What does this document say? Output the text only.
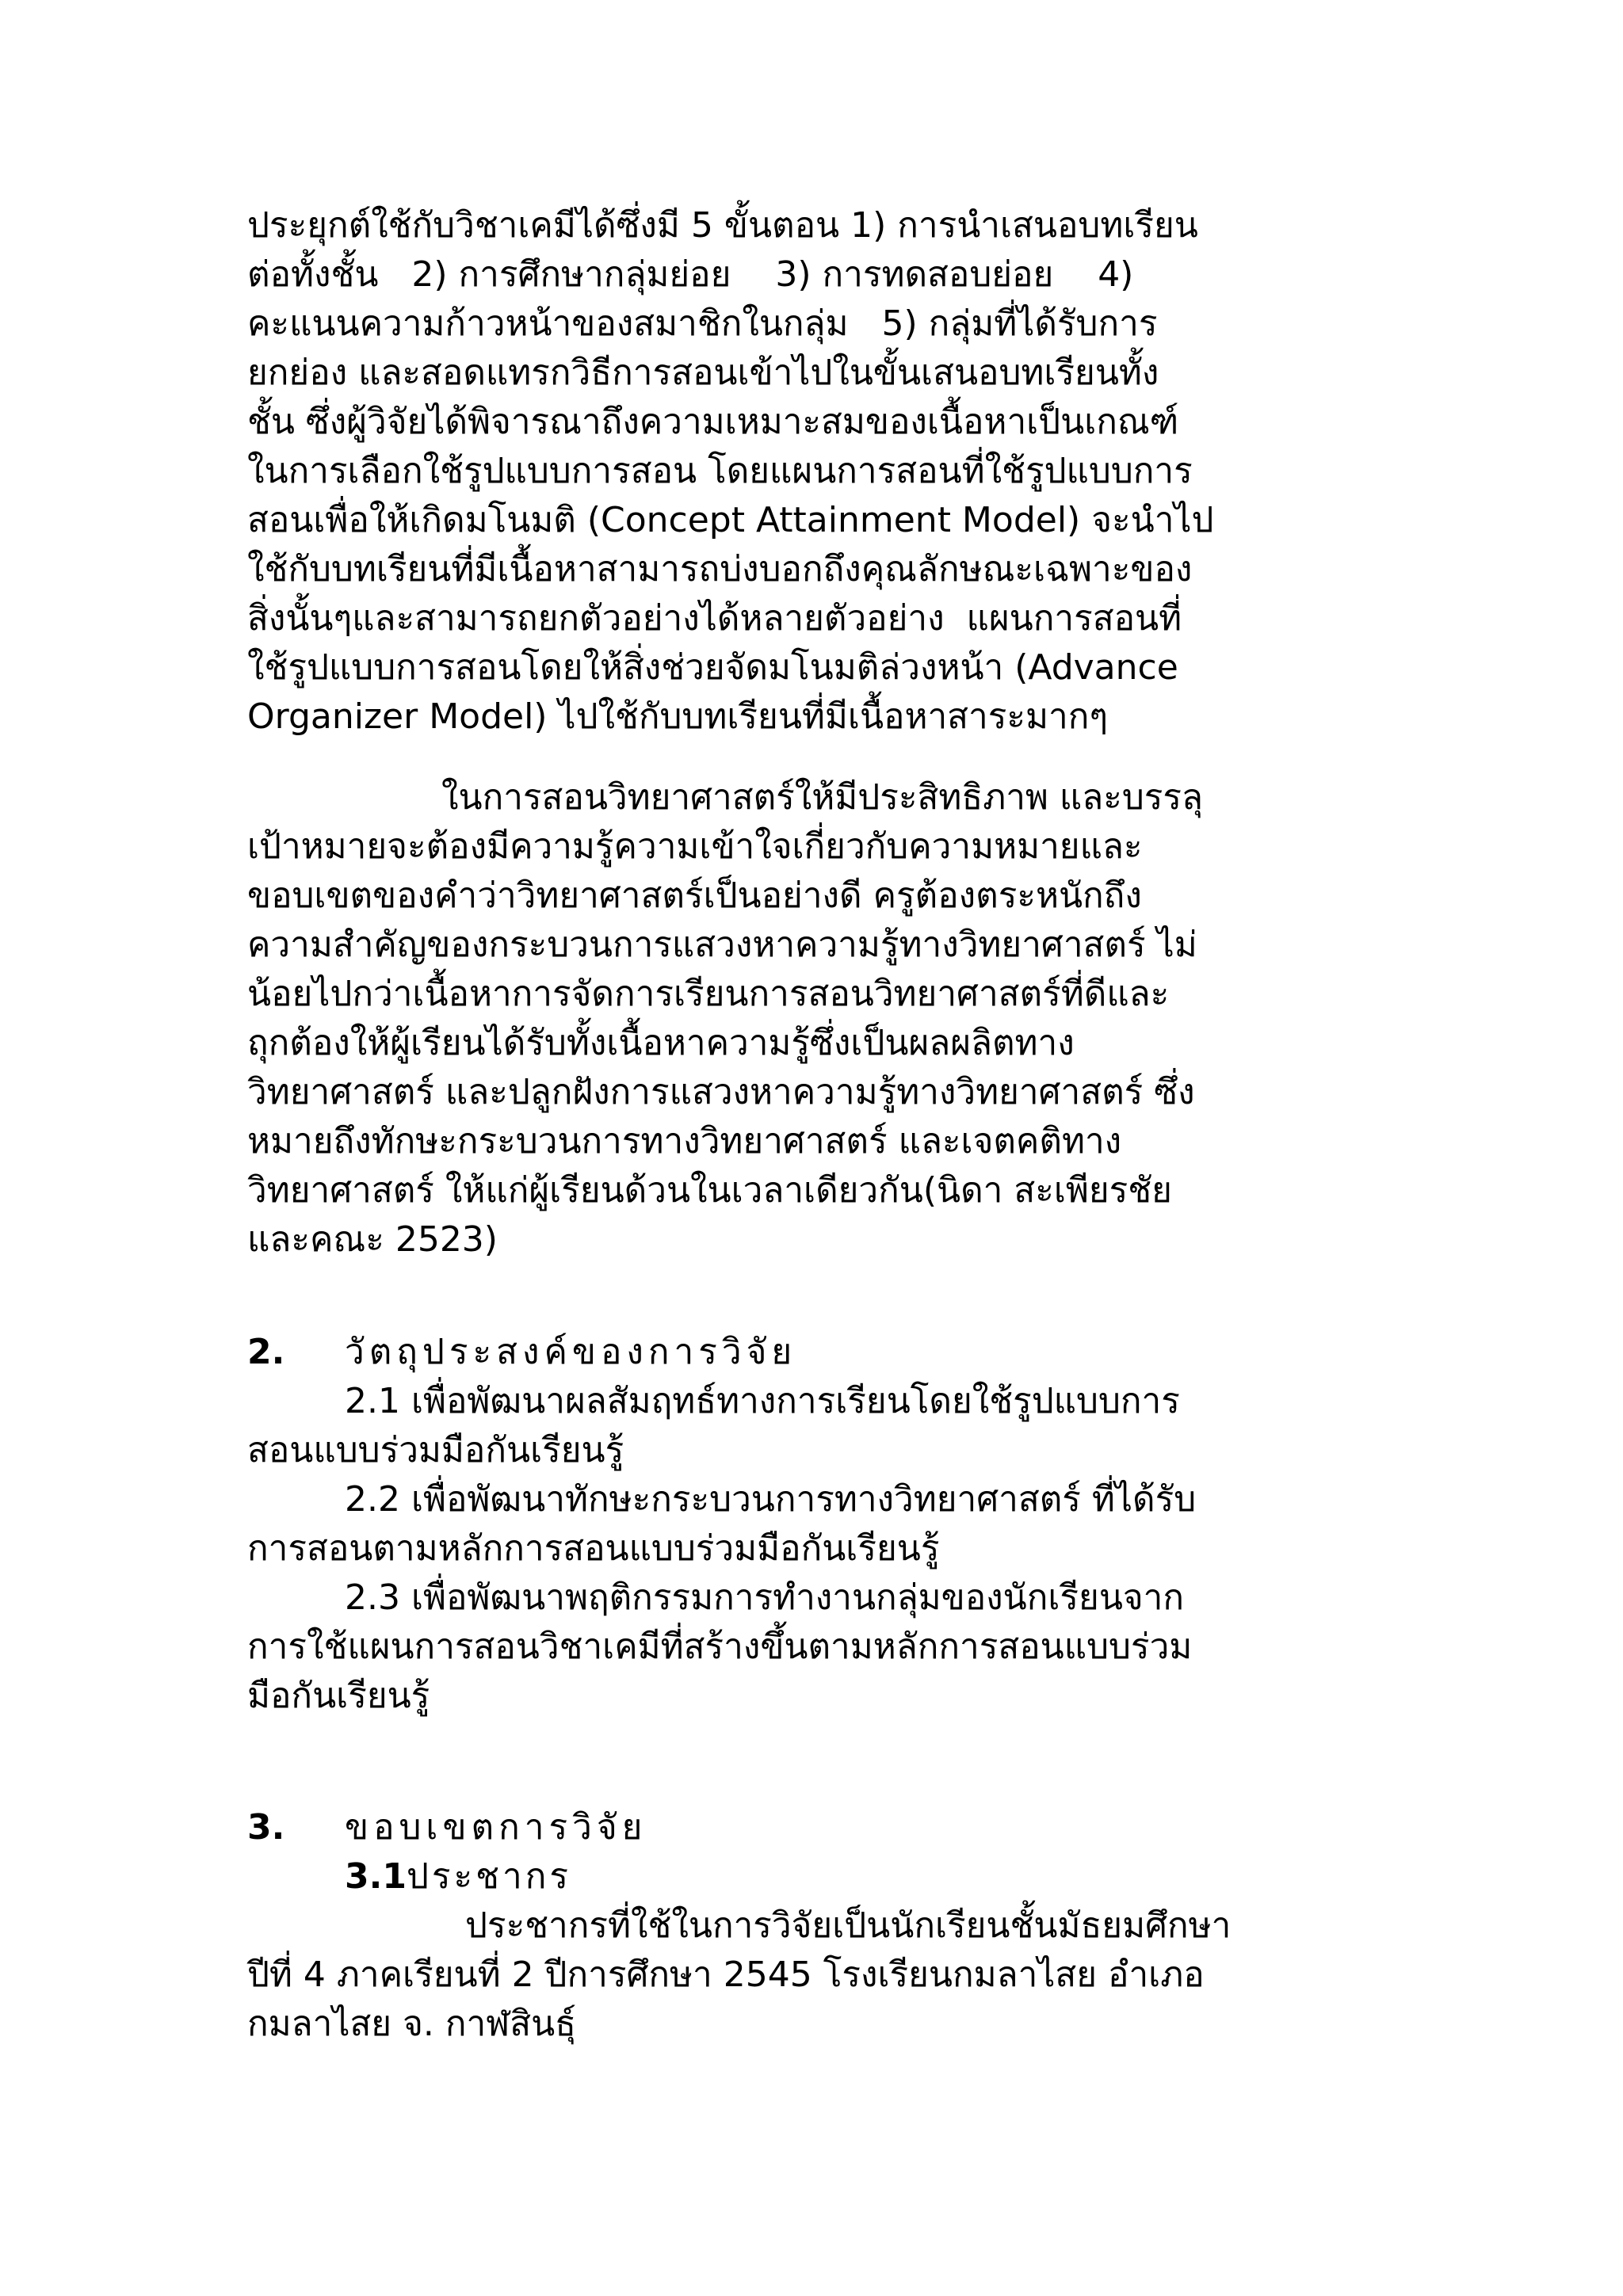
ประยุกต์ใช้กับวิชาเคมีได้ซึ่งมี 5 ขั้นตอน 1) การนำเสนอบทเรียน
ต่อทั้งชั้น   2) การศึกษากลุ่มย่อย    3) การทดสอบย่อย    4)
คะแนนความก้าวหน้าของสมาชิกในกลุ่ม   5) กลุ่มที่ได้รับการ
ยกย่อง และสอดแทรกวิธีการสอนเข้าไปในขั้นเสนอบทเรียนทั้ง
ชั้น ซึ่งผู้วิจัยได้พิจารณาถึงความเหมาะสมของเนื้อหาเป็นเกณฑ์
ในการเลือกใช้รูปแบบการสอน โดยแผนการสอนที่ใช้รูปแบบการ
สอนเพื่อให้เกิดมโนมติ (Concept Attainment Model) จะนำไป
ใช้กับบทเรียนที่มีเนื้อหาสามารถบ่งบอกถึงคุณลักษณะเฉพาะของ
สิ่งนั้นๆและสามารถยกตัวอย่างได้หลายตัวอย่าง  แผนการสอนที่
ใช้รูปแบบการสอนโดยให้สิ่งช่วยจัดมโนมติล่วงหน้า (Advance
Organizer Model) ไปใช้กับบทเรียนที่มีเนื้อหาสาระมากๆ
ในการสอนวิทยาศาสตร์ให้มีประสิทธิภาพ และบรรลุ
เป้าหมายจะต้องมีความรู้ความเข้าใจเกี่ยวกับความหมายและ
ขอบเขตของคำว่าวิทยาศาสตร์เป็นอย่างดี ครูต้องตระหนักถึง
ความสำคัญของกระบวนการแสวงหาความรู้ทางวิทยาศาสตร์ ไม่
น้อยไปกว่าเนื้อหาการจัดการเรียนการสอนวิทยาศาสตร์ที่ดีและ
ถุกต้องให้ผู้เรียนได้รับทั้งเนื้อหาความรู้ซึ่งเป็นผลผลิตทาง
วิทยาศาสตร์ และปลูกฝังการแสวงหาความรู้ทางวิทยาศาสตร์ ซึ่ง
หมายถึงทักษะกระบวนการทางวิทยาศาสตร์ และเจตคติทาง
วิทยาศาสตร์ ให้แก่ผู้เรียนด้วนในเวลาเดียวกัน(นิดา สะเพียรชัย
และคณะ 2523)
2. วัตถุประสงค์ของการวิจัย
2.1 เพื่อพัฒนาผลสัมฤทธ์ทางการเรียนโดยใช้รูปแบบการ
สอนแบบร่วมมือกันเรียนรู้
2.2 เพื่อพัฒนาทักษะกระบวนการทางวิทยาศาสตร์ ที่ได้รับ
การสอนตามหลักการสอนแบบร่วมมือกันเรียนรู้
2.3 เพื่อพัฒนาพฤติกรรมการทำงานกลุ่มของนักเรียนจาก
การใช้แผนการสอนวิชาเคมีที่สร้างขึ้นตามหลักการสอนแบบร่วม
มือกันเรียนรู้
3. ขอบเขตการวิจัย
3.1ประชากร
ประชากรที่ใช้ในการวิจัยเป็นนักเรียนชั้นมัธยมศึกษา
ปีที่ 4 ภาคเรียนที่ 2 ปีการศึกษา 2545 โรงเรียนกมลาไสย อำเภอ
กมลาไสย จ. กาฬสินธุ์
